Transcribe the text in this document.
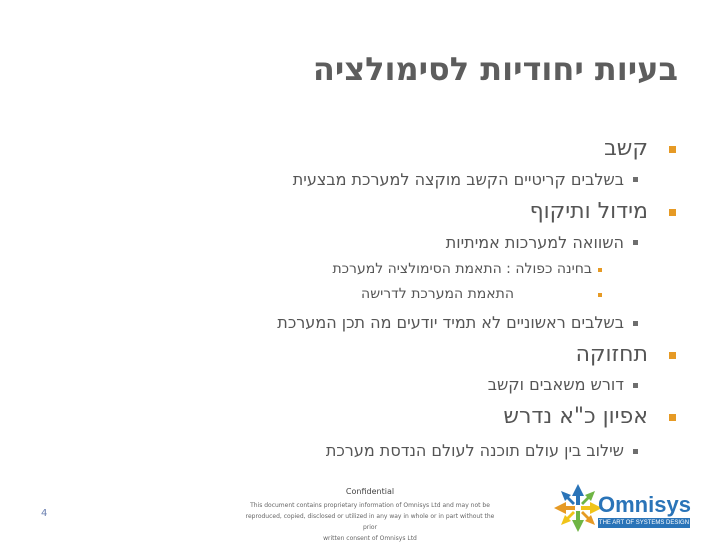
בעיות יחודיות לסימולציה
קשב
בשלבים קריטיים הקשב מוקצה למערכת מבצעית
מידול ותיקוף
השוואה למערכות אמיתיות
בחינה כפולה : התאמת הסימולציה למערכת
התאמת המערכת לדרישה
בשלבים ראשוניים לא תמיד יודעים מה תכן המערכת
תחזוקה
דורש משאבים וקשב
אפיון כ"א נדרש
שילוב בין עולם תוכנה לעולם הנדסת מערכת
Confidential
This document contains proprietary information of Omnisys Ltd and may not be
reproduced, copied, disclosed or utilized in any way in whole or in part without the prior
written consent of Omnisys Ltd
4	Omnisys
THE ART OF SYSTEMS DESIGN
